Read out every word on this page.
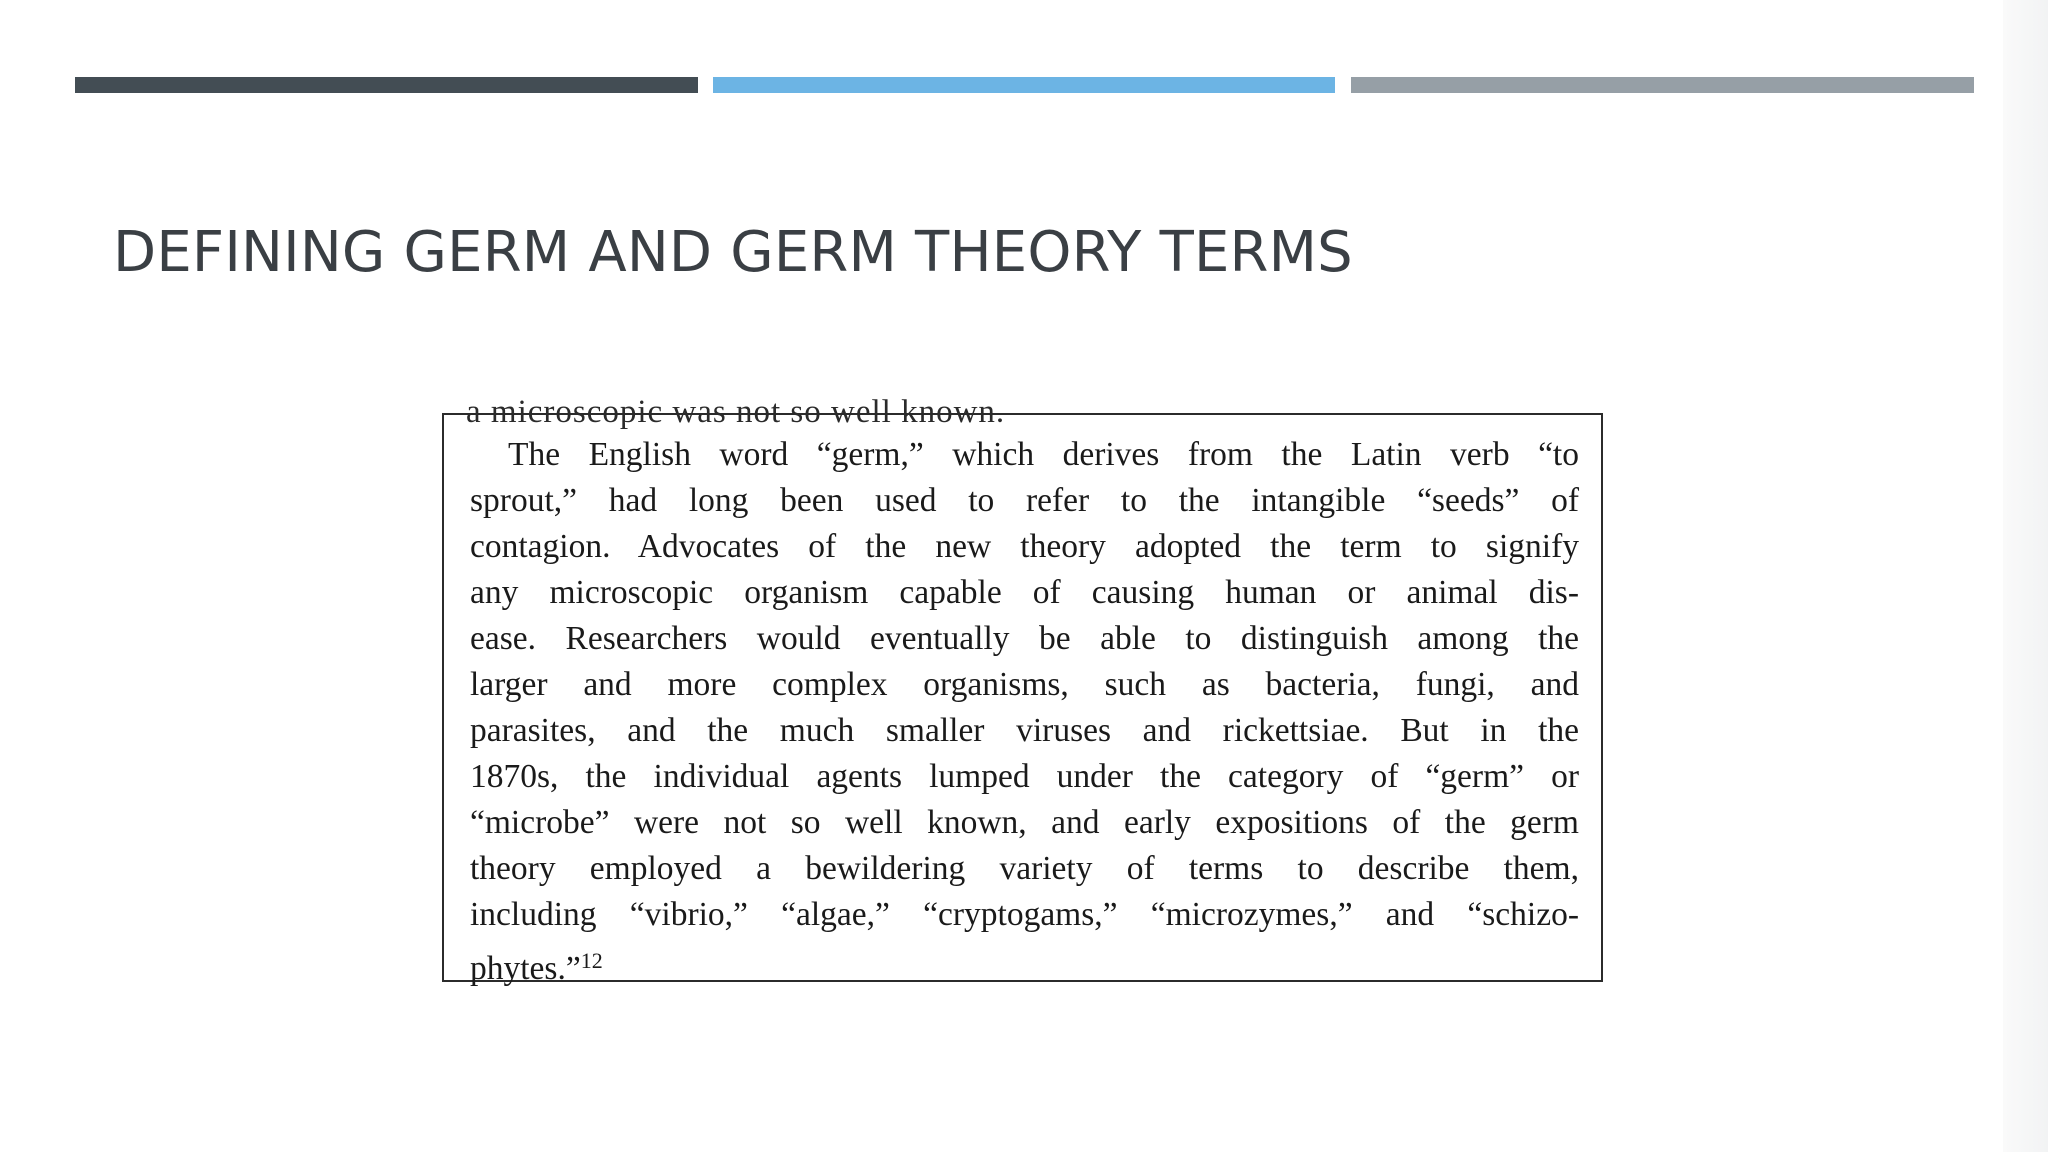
DEFINING GERM AND GERM THEORY TERMS
a microscopic was not so well known.
The English word “germ,” which derives from the Latin verb “to
sprout,” had long been used to refer to the intangible “seeds” of
contagion. Advocates of the new theory adopted the term to signify
any microscopic organism capable of causing human or animal dis-
ease. Researchers would eventually be able to distinguish among the
larger and more complex organisms, such as bacteria, fungi, and
parasites, and the much smaller viruses and rickettsiae. But in the
1870s, the individual agents lumped under the category of “germ” or
“microbe” were not so well known, and early expositions of the germ
theory employed a bewildering variety of terms to describe them,
including “vibrio,” “algae,” “cryptogams,” “microzymes,” and “schizo-
phytes.”$^{12}$
